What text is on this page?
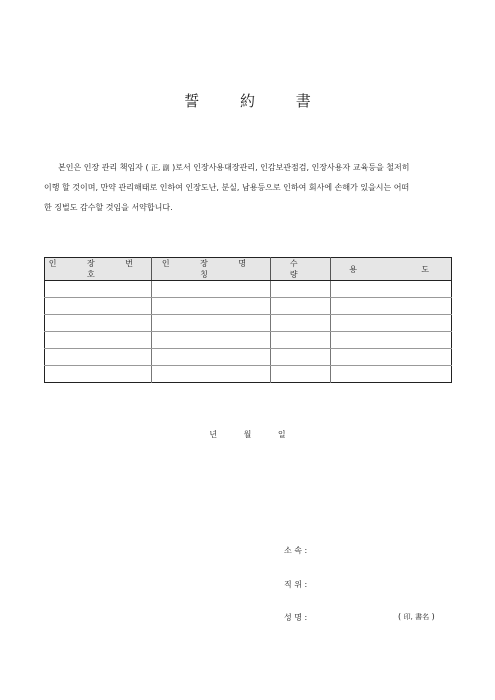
誓 約 書
본인은 인장 관리 책임자 ( 正, 副 )로서 인장사용대장관리, 인감보관점검, 인장사용자 교육등을 철저히
이행 할 것이며, 만약 관리해태로 인하여 인장도난, 분실, 남용등으로 인하여 회사에 손해가 있을시는 어떠
한 징벌도 감수할 것임을 서약합니다.
인 장 번 호	인 장 명 칭	수 량	용 도

년 월 일
소 속 :
직 위 :
성 명 :	( 印, 書名 )
